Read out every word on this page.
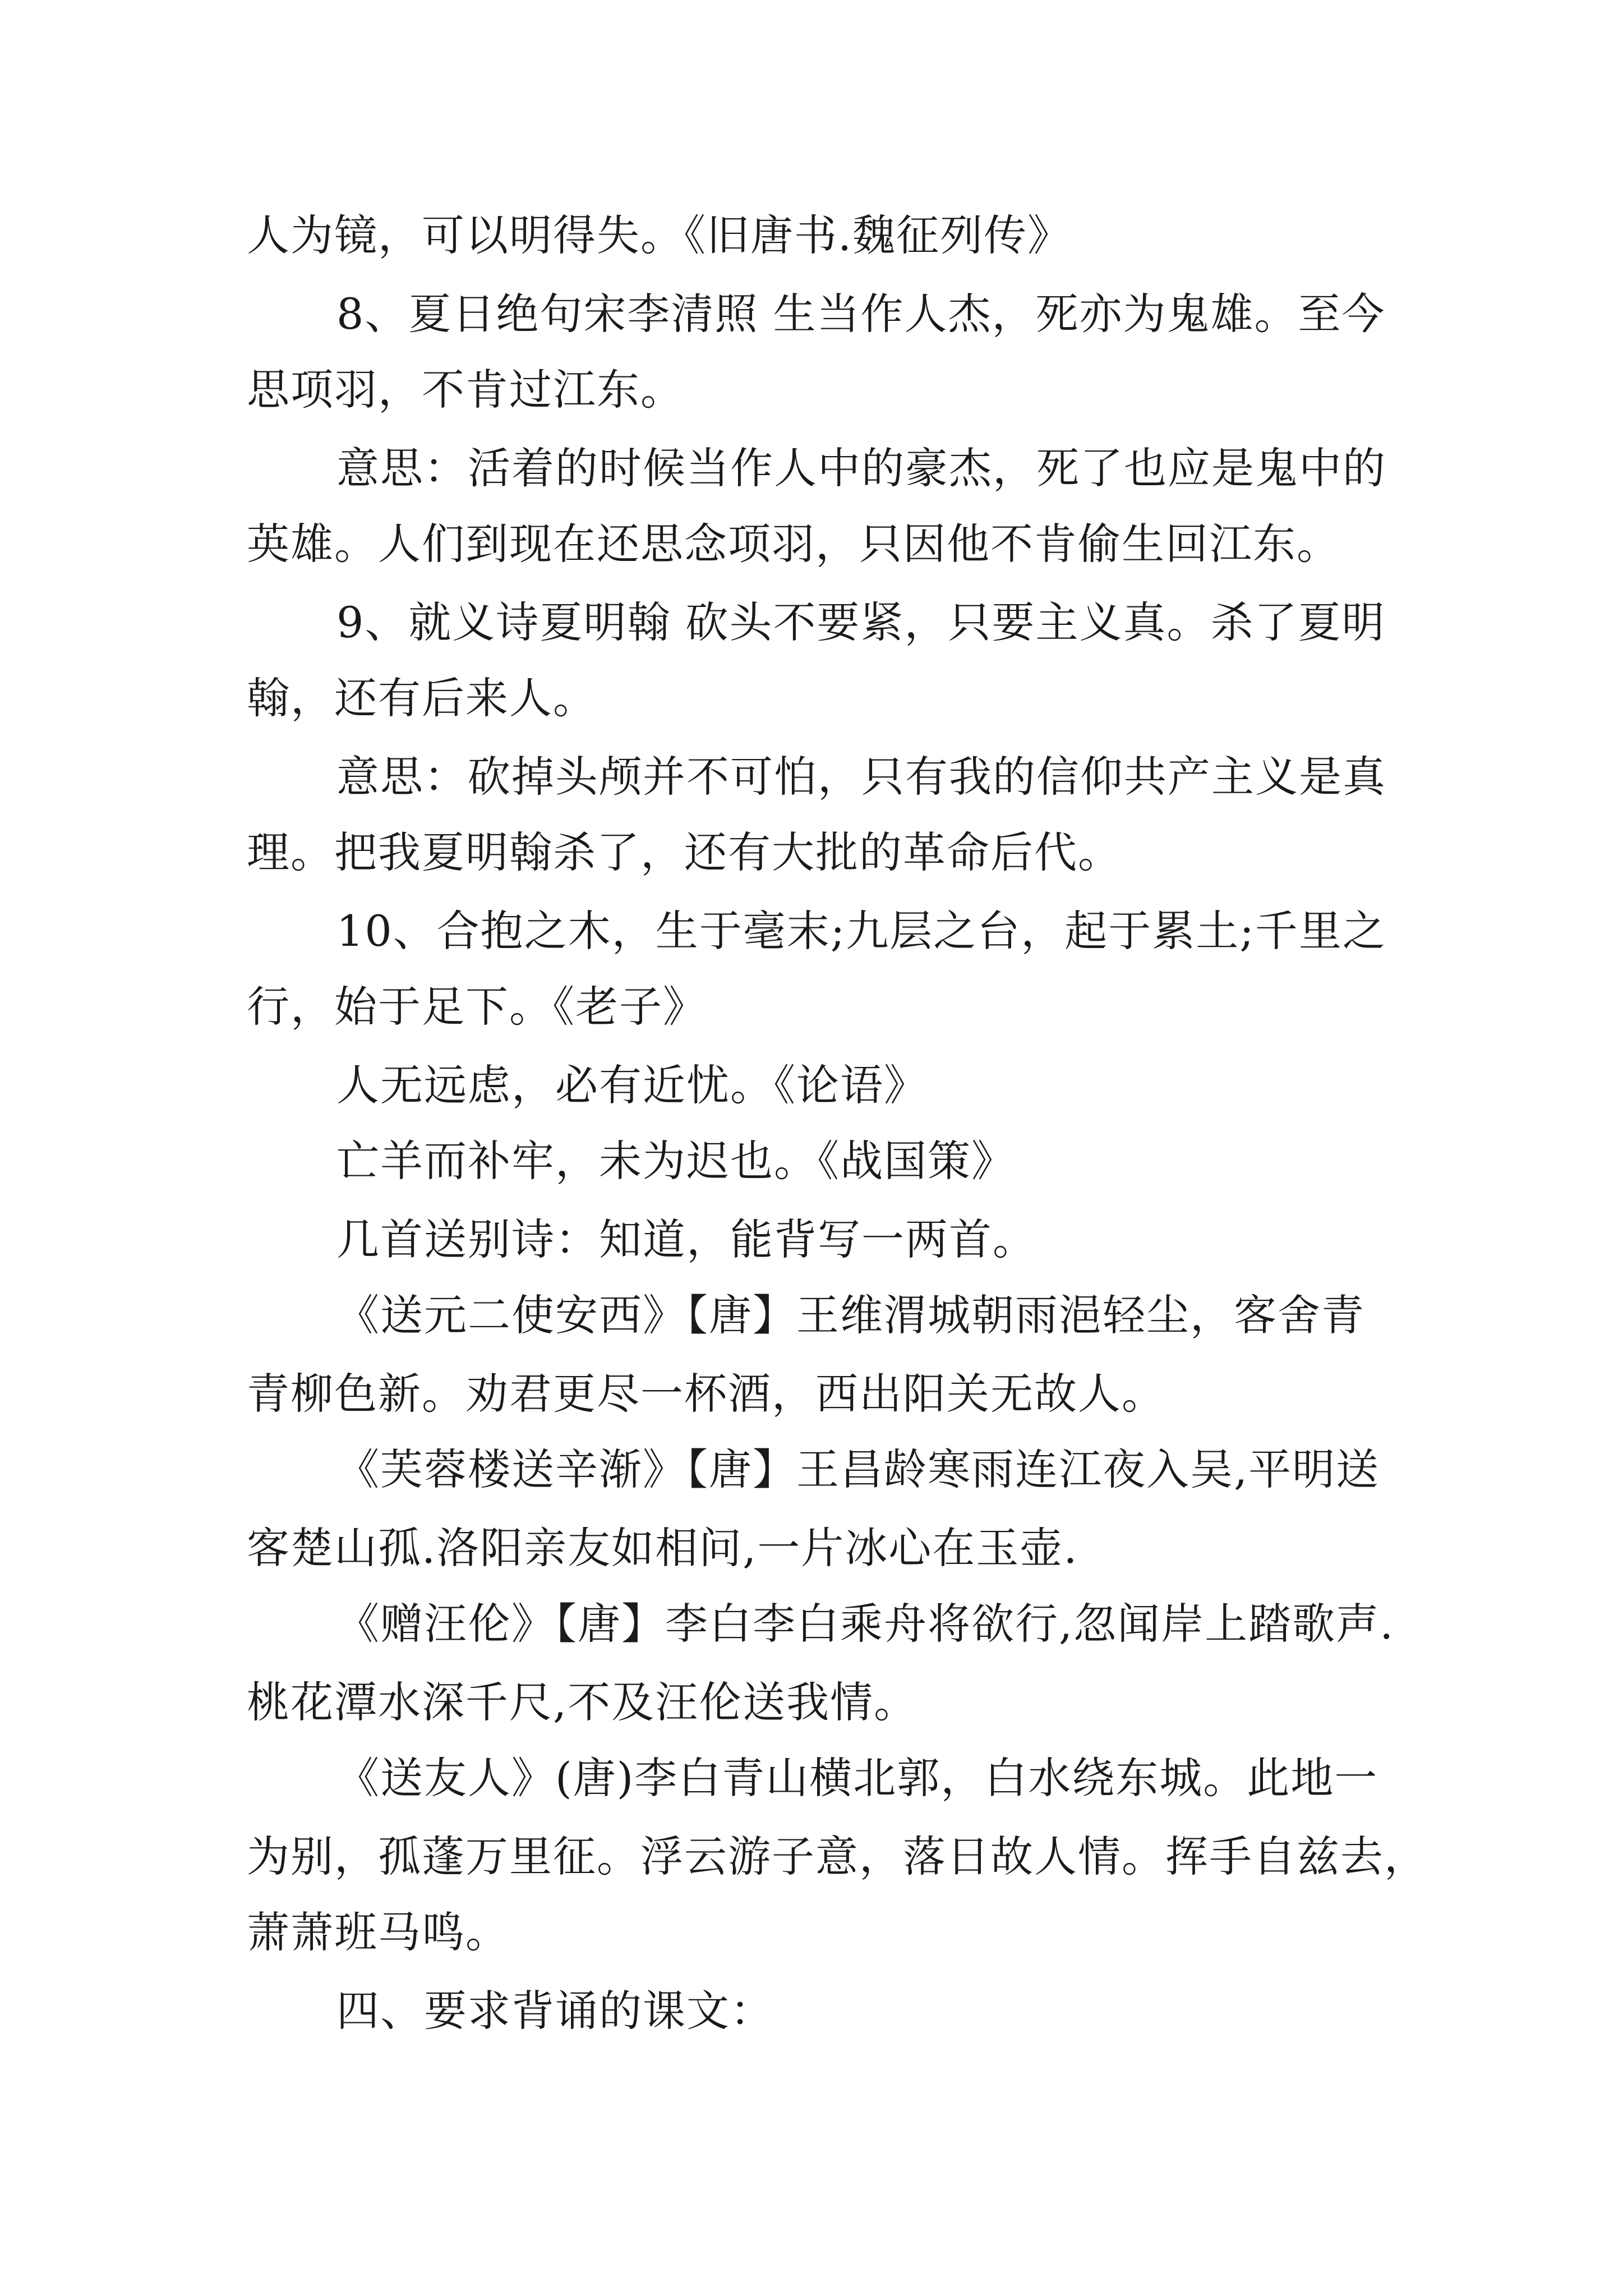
人为镜，可以明得失。《旧唐书.魏征列传》
8、夏日绝句宋李清照 生当作人杰，死亦为鬼雄。至今
思项羽，不肯过江东。
意思：活着的时候当作人中的豪杰，死了也应是鬼中的
英雄。人们到现在还思念项羽，只因他不肯偷生回江东。
9、就义诗夏明翰 砍头不要紧，只要主义真。杀了夏明
翰，还有后来人。
意思：砍掉头颅并不可怕，只有我的信仰共产主义是真
理。把我夏明翰杀了，还有大批的革命后代。
10、合抱之木，生于毫末;九层之台，起于累土;千里之
行，始于足下。《老子》
人无远虑，必有近忧。《论语》
亡羊而补牢，未为迟也。《战国策》
几首送别诗：知道，能背写一两首。
《送元二使安西》【唐】王维渭城朝雨浥轻尘，客舍青
青柳色新。劝君更尽一杯酒，西出阳关无故人。
《芙蓉楼送辛渐》【唐】王昌龄寒雨连江夜入吴,平明送
客楚山孤.洛阳亲友如相问,一片冰心在玉壶.
《赠汪伦》【唐】李白李白乘舟将欲行,忽闻岸上踏歌声.
桃花潭水深千尺,不及汪伦送我情。
《送友人》(唐)李白青山横北郭，白水绕东城。此地一
为别，孤蓬万里征。浮云游子意，落日故人情。挥手自兹去，
萧萧班马鸣。
四、要求背诵的课文：
